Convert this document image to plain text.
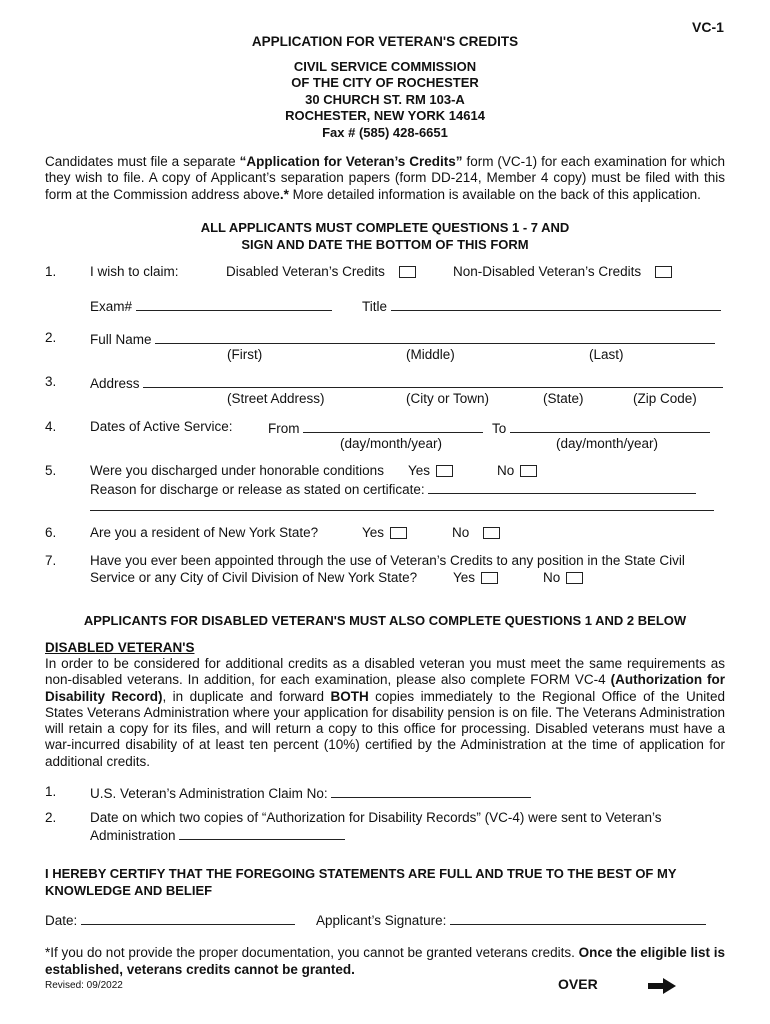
VC-1
APPLICATION FOR VETERAN'S CREDITS
CIVIL SERVICE COMMISSION
OF THE CITY OF ROCHESTER
30 CHURCH ST. RM 103-A
ROCHESTER, NEW YORK 14614
Fax # (585) 428-6651
Candidates must file a separate “Application for Veteran’s Credits” form (VC-1) for each examination for which they wish to file. A copy of Applicant’s separation papers (form DD-214, Member 4 copy) must be filed with this form at the Commission address above.* More detailed information is available on the back of this application.
ALL APPLICANTS MUST COMPLETE QUESTIONS 1 - 7 AND
SIGN AND DATE THE BOTTOM OF THIS FORM
1. I wish to claim:	Disabled Veteran’s Credits	Non-Disabled Veteran’s Credits
Exam#	Title
2. Full Name
(First)	(Middle)	(Last)
3. Address
(Street Address)	(City or Town)	(State)	(Zip Code)
4. Dates of Active Service:	From	To
(day/month/year)	(day/month/year)
5. Were you discharged under honorable conditions Yes	No
Reason for discharge or release as stated on certificate:
6. Are you a resident of New York State?	Yes	No
7. Have you ever been appointed through the use of Veteran’s Credits to any position in the State Civil
Service or any City of Civil Division of New York State?	Yes	No
APPLICANTS FOR DISABLED VETERAN'S MUST ALSO COMPLETE QUESTIONS 1 AND 2 BELOW
DISABLED VETERAN'S
In order to be considered for additional credits as a disabled veteran you must meet the same requirements as non-disabled veterans. In addition, for each examination, please also complete FORM VC-4 (Authorization for Disability Record), in duplicate and forward BOTH copies immediately to the Regional Office of the United States Veterans Administration where your application for disability pension is on file. The Veterans Administration will retain a copy for its files, and will return a copy to this office for processing. Disabled veterans must have a war-incurred disability of at least ten percent (10%) certified by the Administration at the time of application for additional credits.
1. U.S. Veteran’s Administration Claim No:
2. Date on which two copies of “Authorization for Disability Records” (VC-4) were sent to Veteran’s
Administration
I HEREBY CERTIFY THAT THE FOREGOING STATEMENTS ARE FULL AND TRUE TO THE BEST OF MY
KNOWLEDGE AND BELIEF
Date:	Applicant’s Signature:
*If you do not provide the proper documentation, you cannot be granted veterans credits. Once the eligible list is established, veterans credits cannot be granted.
Revised: 09/2022	OVER
